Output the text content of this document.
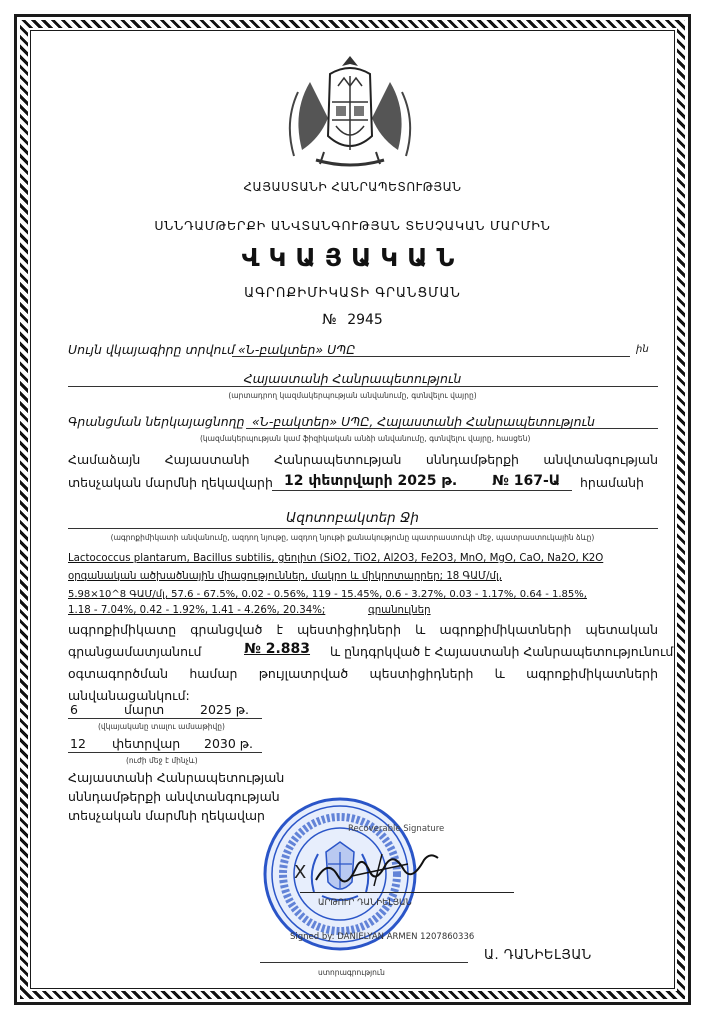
ՀԱՅԱՍՏԱՆԻ ՀԱՆՐԱՊԵՏՈՒԹՅԱՆ
ՍՆՆԴԱՄԹԵՐՔԻ ԱՆՎՏԱՆԳՈՒԹՅԱՆ ՏԵՍՉԱԿԱՆ ՄԱՐՄԻՆ
ՎԿԱՅԱԿԱՆ
ԱԳՐՈՔԻՄԻԿԱՏԻ ԳՐԱՆՑՄԱՆ
№ 2945
Սույն վկայագիրը տրվում «Ն-բակտեր» ՍՊԸ	ին
Հայաստանի Հանրապետություն
(արտադրող կազմակերպության անվանումը, գտնվելու վայրը)
Գրանցման ներկայացնողը «Ն-բակտեր» ՍՊԸ, Հայաստանի Հանրապետություն
(կազմակերպության կամ ֆիզիկական անձի անվանումը, գտնվելու վայրը, հասցեն)
Համաձայն Հայաստանի Հանրապետության սննդամթերքի անվտանգության
տեսչական մարմնի ղեկավարի 12 փետրվարի 2025 թ. № 167-Ա հրամանի
Ազոտոբակտեր Ջի
(ագրոքիմիկատի անվանումը, ազդող նյութը, ազդող նյութի քանակությունը պատրաստուկի մեջ, պատրաստուկային ձևը)
Lactococcus plantarum, Bacillus subtilis, ցեոլիտ (SiO2, TiO2, Al2O3, Fe2O3, MnO, MgO, CaO, Na2O, K2O
օրգանական ածխածնային միացություններ, մակրո և միկրոտարրեր; 18 ԳԱՄ/մլ,
5.98×10^8 ԳԱՄ/մլ, 57.6 - 67.5%, 0.02 - 0.56%, 119 - 15.45%, 0.6 - 3.27%, 0.03 - 1.17%, 0.64 - 1.85%,
1.18 - 7.04%, 0.42 - 1.92%, 1.41 - 4.26%, 20.34%;	գրանուլներ
ագրոքիմիկատը գրանցված է պեստիցիդների և ագրոքիմիկատների պետական
գրանցամատյանում	№ 2.883 և ընդգրկված է Հայաստանի Հանրապետությունում
օգտագործման համար թույլատրված պեստիցիդների և ագրոքիմիկատների
անվանացանկում:
6	մարտ	2025 թ.
(վկայականը տալու ամսաթիվը)
12 փետրվար 2030 թ.
(ուժի մեջ է մինչև)
Հայաստանի Հանրապետության
սննդամթերքի անվտանգության
տեսչական մարմնի ղեկավար
Recoverable Signature
X
ԱՐԹՈՒՐ ԴԱՆԻԵԼՅԱՆ
Signed by: DANIELYAN ARMEN 1207860336
Ա. ԴԱՆԻԵԼՅԱՆ
ստորագրություն
